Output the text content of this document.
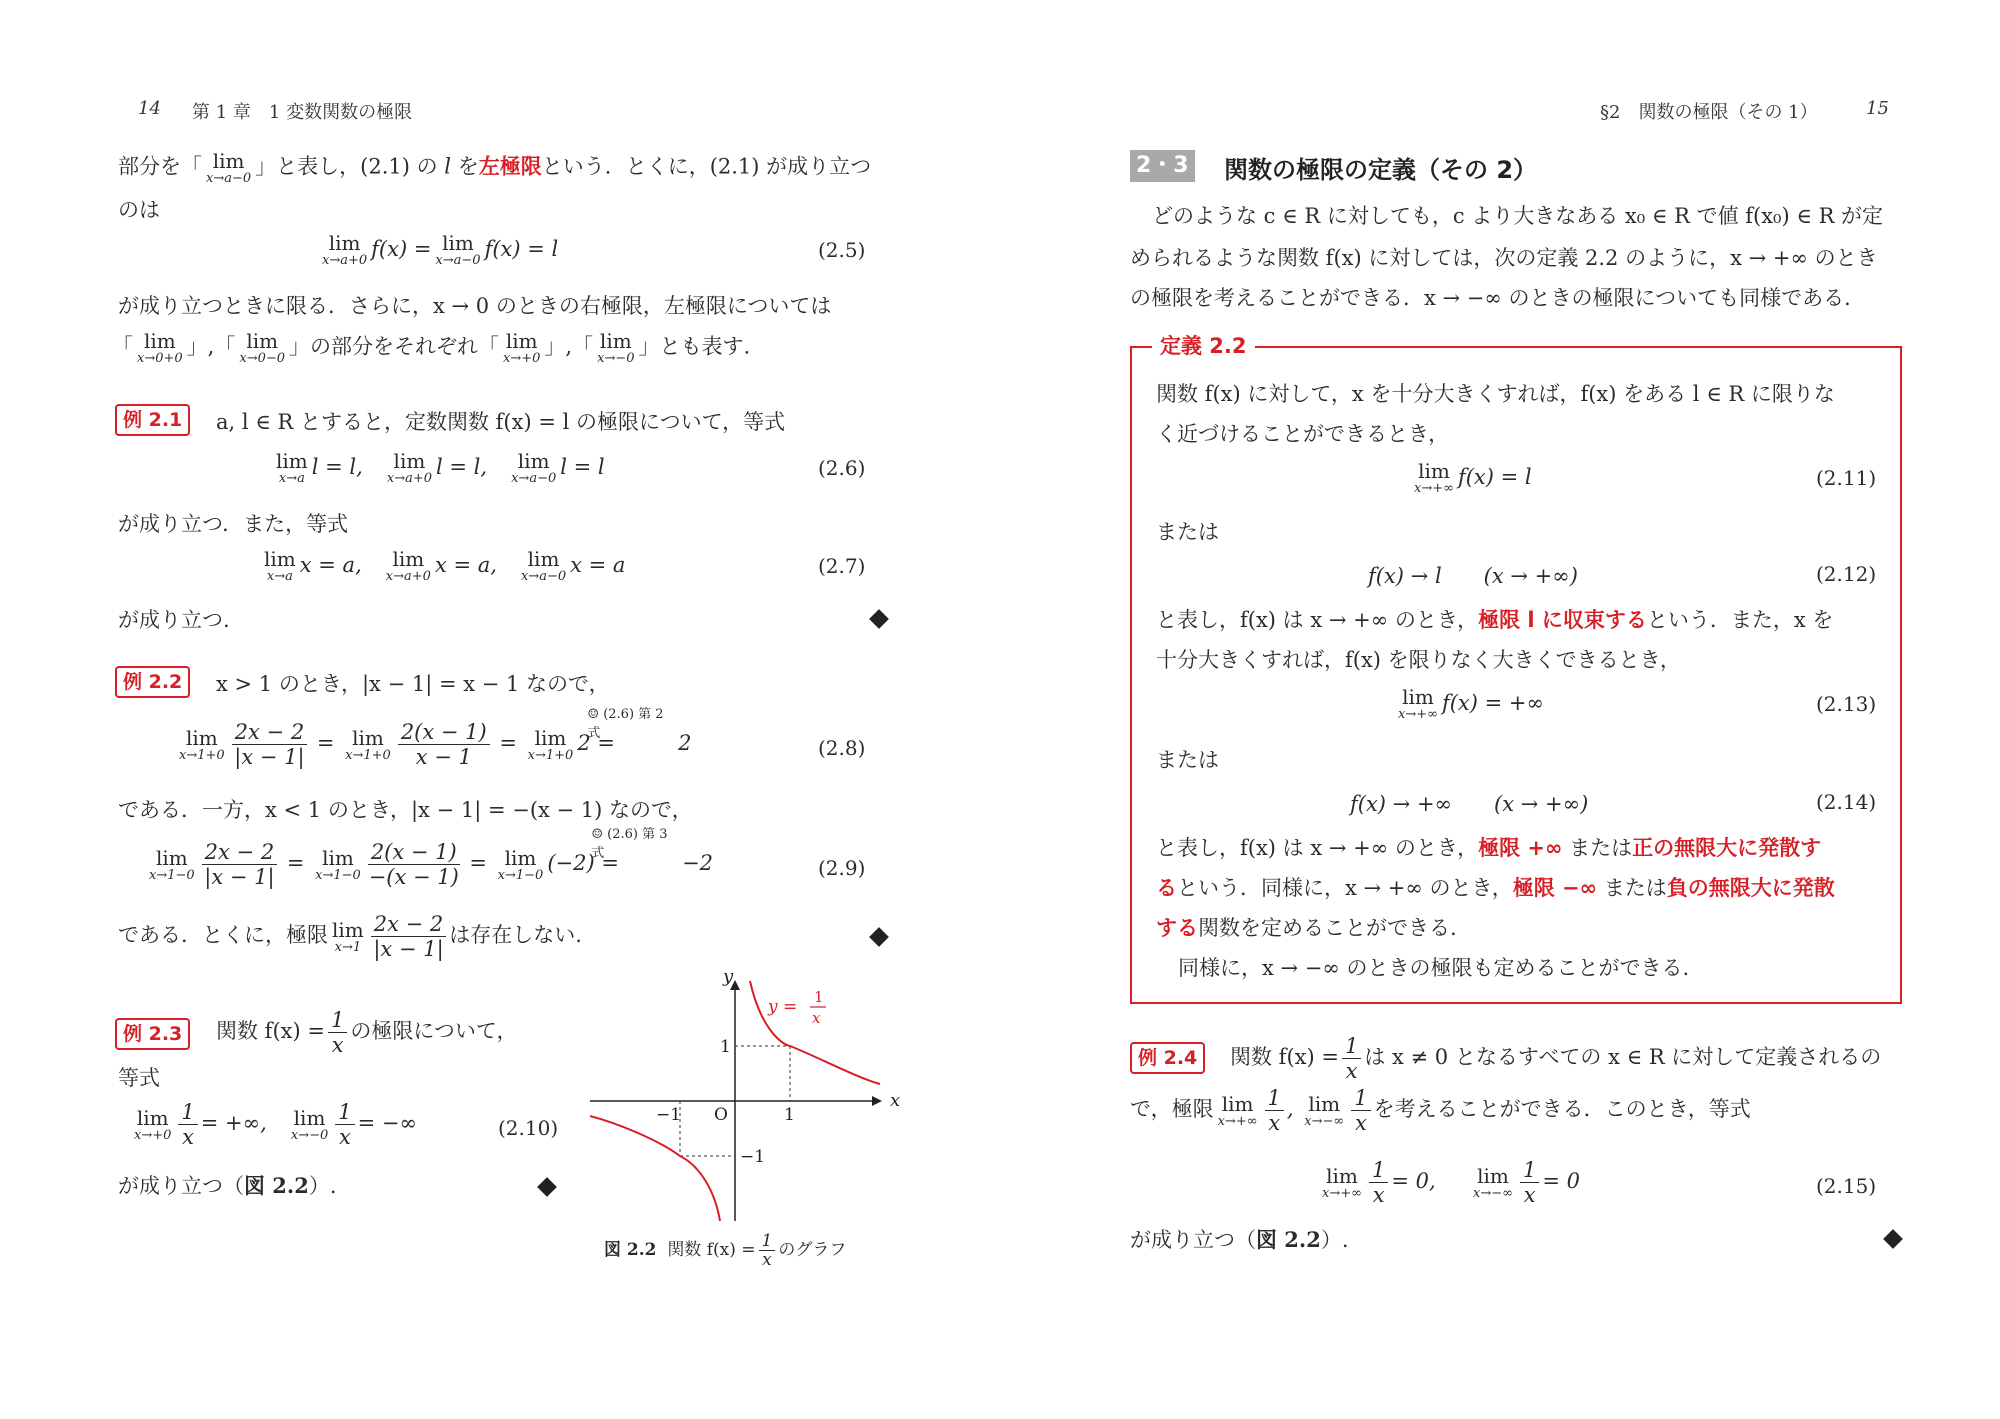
14 第 1 章　1 変数関数の極限
部分を「 lim
x→a−0 」と表し，(2.1) の l を左極限という．とくに，(2.1) が成り立つ
のは
lim
x→a+0 f(x) = lim
x→a−0 f(x) = l	(2.5)
が成り立つときに限る．さらに，x → 0 のときの右極限，左極限については
「 lim
x→0+0 」,「 lim
x→0−0 」の部分をそれぞれ「 lim
x→+0 」,「 lim
x→−0 」とも表す.
例 2.1	a, l ∈ R とすると，定数関数 f(x) = l の極限について，等式
lim
x→a l = l,	lim
x→a+0 l = l,	lim
x→a−0 l = l	(2.6)
が成り立つ．また，等式
lim
x→a x = a,	lim
x→a+0 x = a,	lim
x→a−0 x = a	(2.7)
が成り立つ.
例 2.2	x > 1 のとき，|x − 1| = x − 1 なので，
lim
$x\to 1+0 \frac{2x - 2}{|x - 1|} = \lim$
$x\to 1+0 \frac{2(x - 1)}{x - 1} = \lim$
x→1+0 2
☺ (2.6) 第 2 式
=	2	(2.8)
である．一方，x < 1 のとき，|x − 1| = −(x − 1) なので，
lim
$x\to 1-0 \frac{2x - 2}{|x - 1|} = \lim$
$x\to 1-0 \frac{2(x - 1)}{-(x - 1)} = \lim$
x→1−0 (−2)
☺ (2.6) 第 3 式
=	−2	(2.9)
である．とくに，極限 lim
$x\to 1 \frac{2x - 2}{|x - 1|}$ は存在しない.
例 2.3	関数 $f(x) = \frac{1}{x}$ の極限について，
等式
lim
$x\to+0 \frac{1}{x}$ = +∞, lim
$x\to-0 \frac{1}{x}$ = −∞	(2.10)
が成り立つ（図 2.2）.
y
x
O	1
−1
1
−1
y = 1
x
図 2.2 関数 $f(x) = \frac{1}{x}$ のグラフ
§2　関数の極限（その 1）	15
2・3 関数の極限の定義（その 2）
どのような c ∈ R に対しても，c より大きなある x₀ ∈ R で値 f(x₀) ∈ R が定
められるような関数 f(x) に対しては，次の定義 2.2 のように，x → +∞ のとき
の極限を考えることができる．x → −∞ のときの極限についても同様である．
定義 2.2
関数 f(x) に対して，x を十分大きくすれば，f(x) をある l ∈ R に限りな
く近づけることができるとき，
lim
x→+∞ f(x) = l	(2.11)
または
f(x) → l　　(x → +∞)	(2.12)
と表し，f(x) は x → +∞ のとき，極限 l に収束するという．また，x を
十分大きくすれば，f(x) を限りなく大きくできるとき，
lim
x→+∞ f(x) = +∞	(2.13)
または
f(x) → +∞　　(x → +∞)	(2.14)
と表し，f(x) は x → +∞ のとき，極限 +∞ または正の無限大に発散す
るという．同様に，x → +∞ のとき，極限 −∞ または負の無限大に発散
する関数を定めることができる.
同様に，x → −∞ のときの極限も定めることができる.
例 2.4	関数 $f(x) = \frac{1}{x}$ は x ≠ 0 となるすべての x ∈ R に対して定義されるの
で，極限 lim
$x\to+\infty \frac{1}{x}$ , lim
$x\to-\infty \frac{1}{x}$ を考えることができる．このとき，等式
lim
$x\to+\infty \frac{1}{x} = 0$, lim
$x\to-\infty \frac{1}{x} = 0$	(2.15)
が成り立つ（図 2.2）.
